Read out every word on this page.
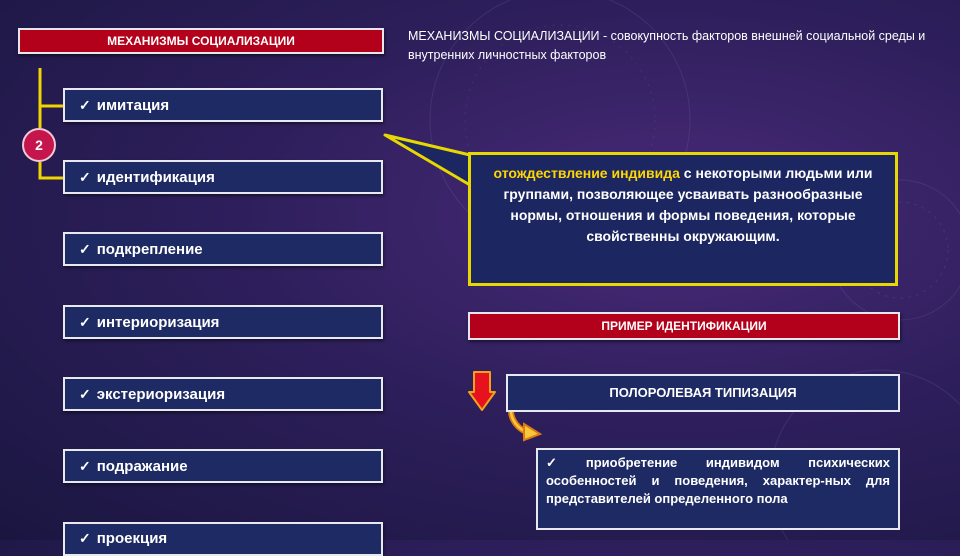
МЕХАНИЗМЫ СОЦИАЛИЗАЦИИ
2
МЕХАНИЗМЫ СОЦИАЛИЗАЦИИ - совокупность факторов внешней социальной среды и внутренних личностных факторов
✓ имитация
✓ идентификация
✓ подкрепление
✓ интериоризация
✓ экстериоризация
✓ подражание
✓ проекция
отождествление индивида с некоторыми людьми или группами, позволяющее усваивать разнообразные нормы, отношения и формы поведения, которые свойственны окружающим.
ПРИМЕР ИДЕНТИФИКАЦИИ
ПОЛОРОЛЕВАЯ ТИПИЗАЦИЯ
✓ приобретение индивидом психических особенностей и поведения, характер-ных для представителей определенного пола
